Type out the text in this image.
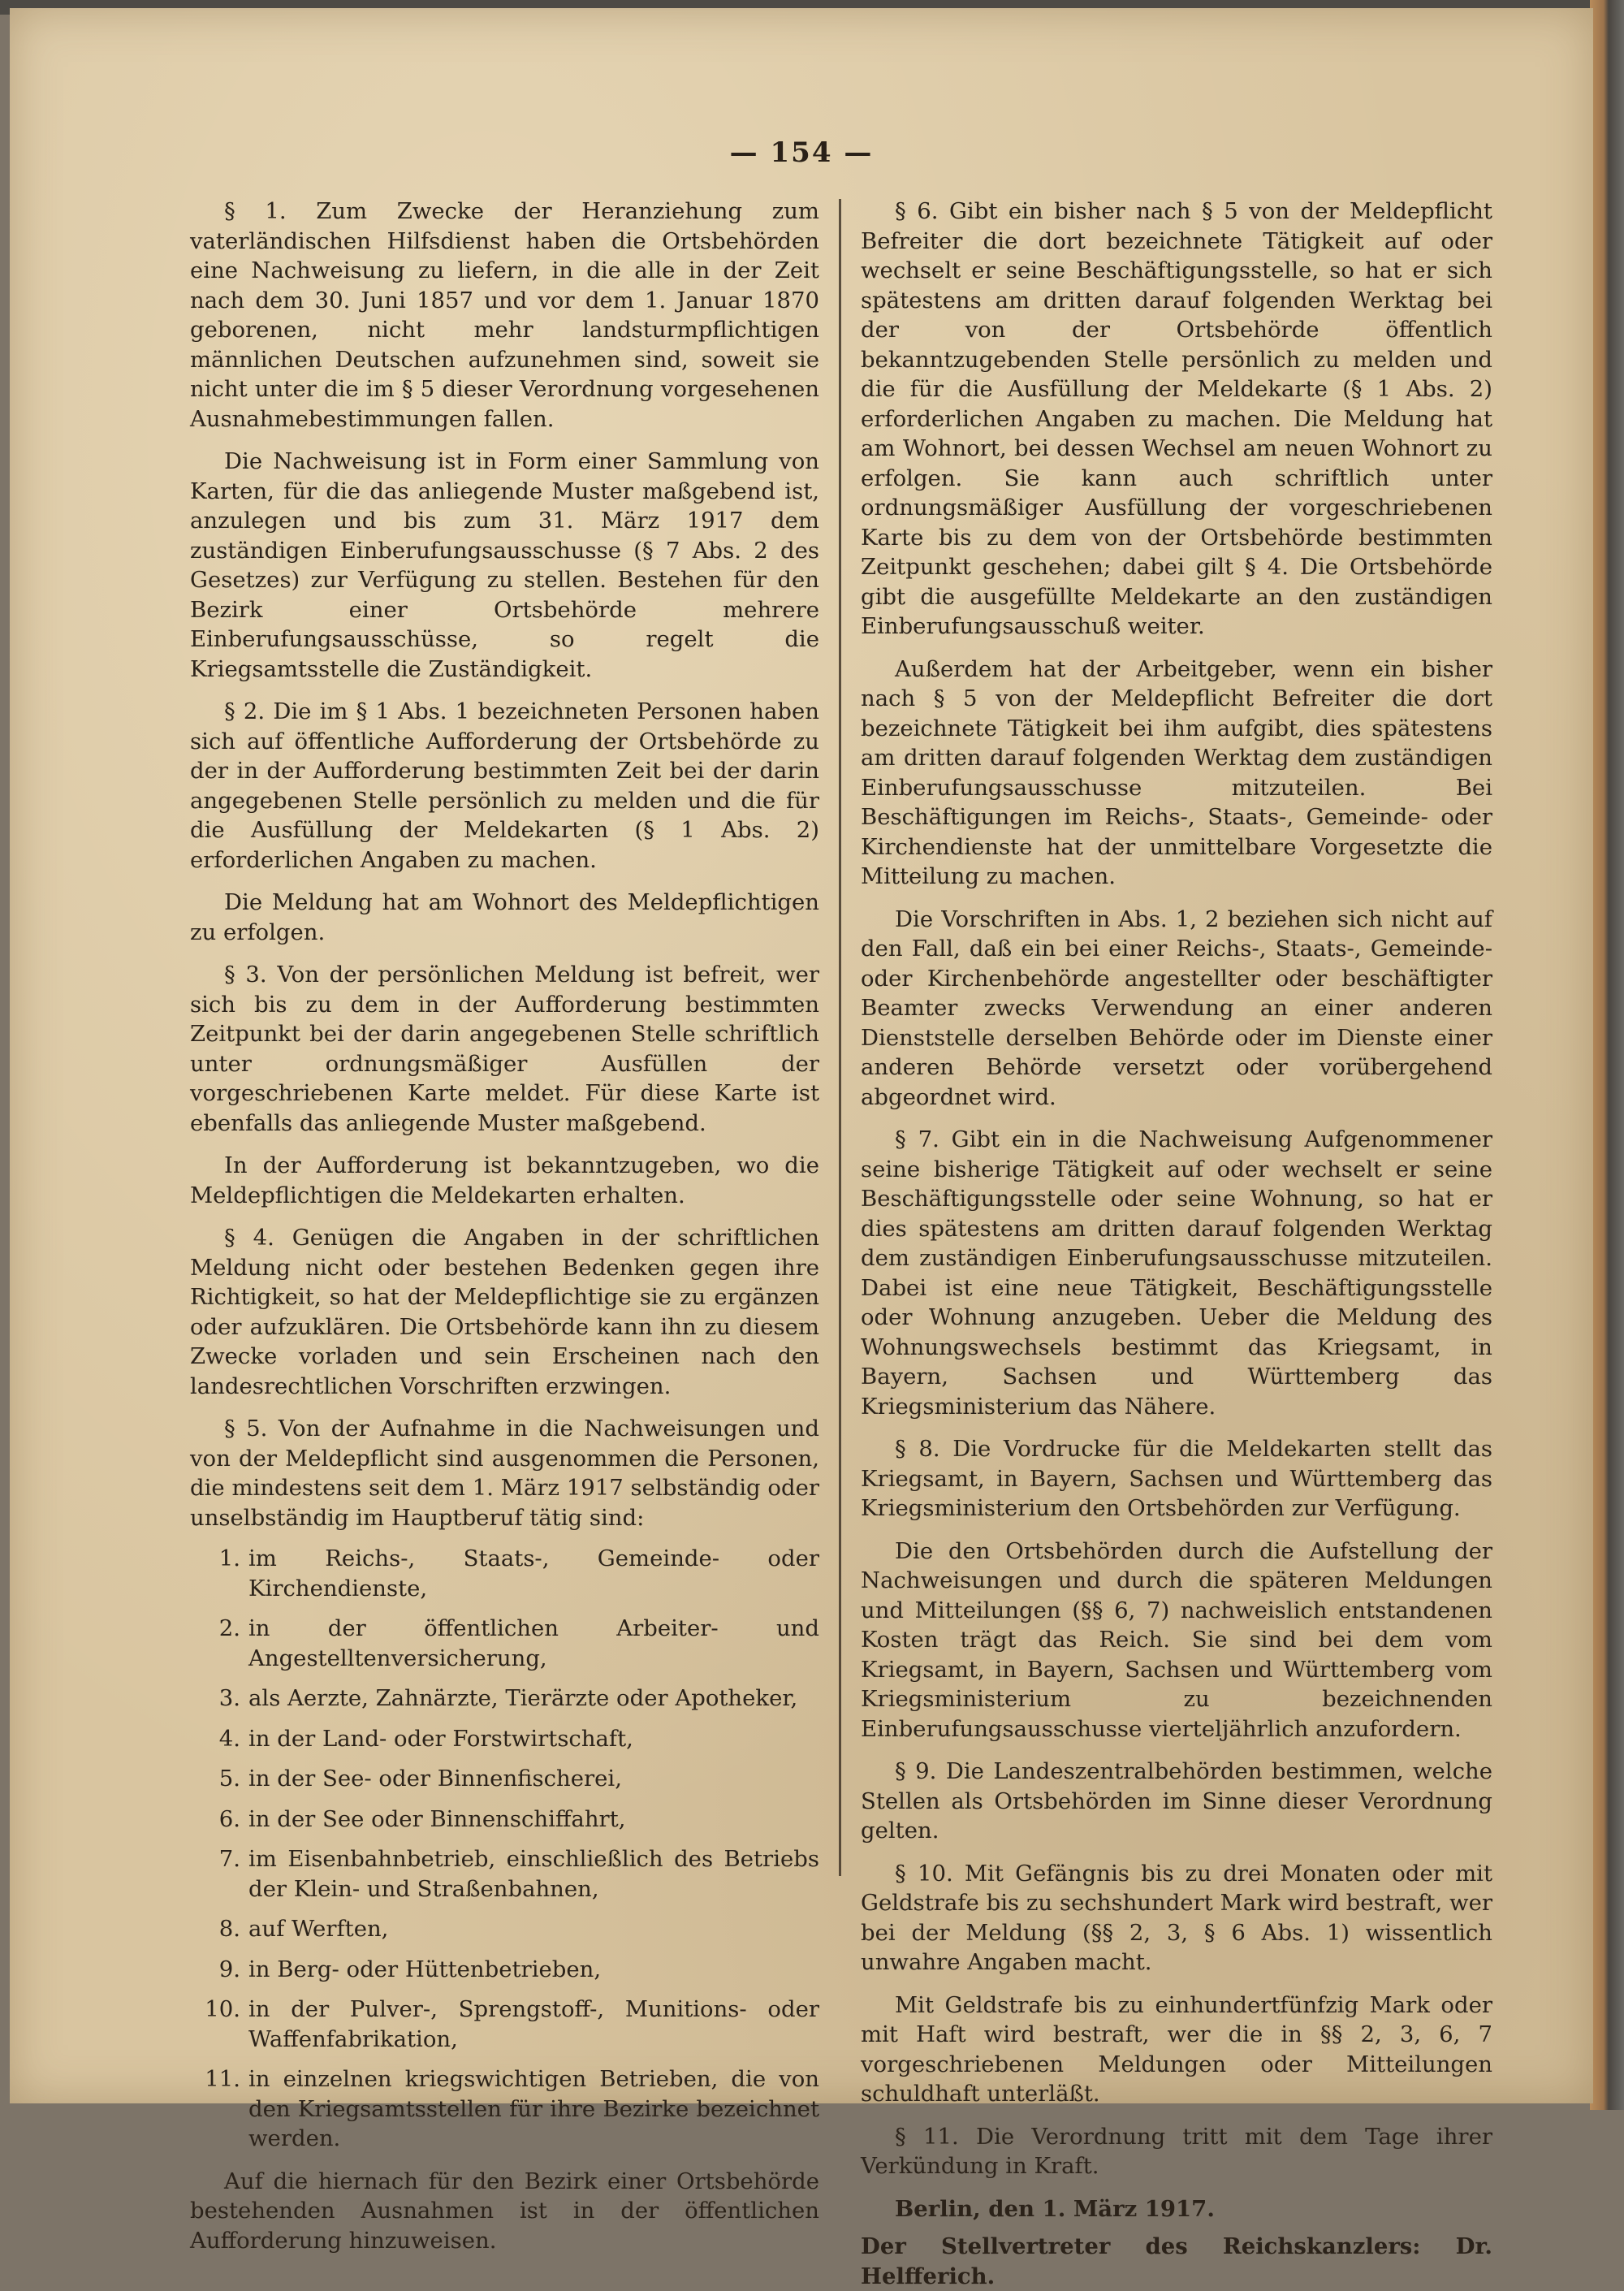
— 154 —

§ 1. Zum Zwecke der Heranziehung zum vaterländischen Hilfsdienst haben die Ortsbehörden eine Nachweisung zu liefern, in die alle in der Zeit nach dem 30. Juni 1857 und vor dem 1. Januar 1870 geborenen, nicht mehr landsturmpflichtigen männlichen Deutschen aufzunehmen sind, soweit sie nicht unter die im § 5 dieser Verordnung vorgesehenen Ausnahmebestimmungen fallen.

Die Nachweisung ist in Form einer Sammlung von Karten, für die das anliegende Muster maßgebend ist, anzulegen und bis zum 31. März 1917 dem zuständigen Einberufungsausschusse (§ 7 Abs. 2 des Gesetzes) zur Verfügung zu stellen. Bestehen für den Bezirk einer Ortsbehörde mehrere Einberufungsausschüsse, so regelt die Kriegsamtsstelle die Zuständigkeit.

§ 2. Die im § 1 Abs. 1 bezeichneten Personen haben sich auf öffentliche Aufforderung der Ortsbehörde zu der in der Aufforderung bestimmten Zeit bei der darin angegebenen Stelle persönlich zu melden und die für die Ausfüllung der Meldekarten (§ 1 Abs. 2) erforderlichen Angaben zu machen.

Die Meldung hat am Wohnort des Meldepflichtigen zu erfolgen.

§ 3. Von der persönlichen Meldung ist befreit, wer sich bis zu dem in der Aufforderung bestimmten Zeitpunkt bei der darin angegebenen Stelle schriftlich unter ordnungsmäßiger Ausfüllen der vorgeschriebenen Karte meldet. Für diese Karte ist ebenfalls das anliegende Muster maßgebend.

In der Aufforderung ist bekanntzugeben, wo die Meldepflichtigen die Meldekarten erhalten.

§ 4. Genügen die Angaben in der schriftlichen Meldung nicht oder bestehen Bedenken gegen ihre Richtigkeit, so hat der Meldepflichtige sie zu ergänzen oder aufzuklären. Die Ortsbehörde kann ihn zu diesem Zwecke vorladen und sein Erscheinen nach den landesrechtlichen Vorschriften erzwingen.

§ 5. Von der Aufnahme in die Nachweisungen und von der Meldepflicht sind ausgenommen die Personen, die mindestens seit dem 1. März 1917 selbständig oder unselbständig im Hauptberuf tätig sind:

1. im Reichs-, Staats-, Gemeinde- oder Kirchendienste,
2. in der öffentlichen Arbeiter- und Angestelltenversicherung,
3. als Aerzte, Zahnärzte, Tierärzte oder Apotheker,
4. in der Land- oder Forstwirtschaft,
5. in der See- oder Binnenfischerei,
6. in der See oder Binnenschiffahrt,
7. im Eisenbahnbetrieb, einschließlich des Betriebs der Klein- und Straßenbahnen,
8. auf Werften,
9. in Berg- oder Hüttenbetrieben,
10. in der Pulver-, Sprengstoff-, Munitions- oder Waffenfabrikation,
11. in einzelnen kriegswichtigen Betrieben, die von den Kriegsamtsstellen für ihre Bezirke bezeichnet werden.

Auf die hiernach für den Bezirk einer Ortsbehörde bestehenden Ausnahmen ist in der öffentlichen Aufforderung hinzuweisen.

§ 6. Gibt ein bisher nach § 5 von der Meldepflicht Befreiter die dort bezeichnete Tätigkeit auf oder wechselt er seine Beschäftigungsstelle, so hat er sich spätestens am dritten darauf folgenden Werktag bei der von der Ortsbehörde öffentlich bekanntzugebenden Stelle persönlich zu melden und die für die Ausfüllung der Meldekarte (§ 1 Abs. 2) erforderlichen Angaben zu machen. Die Meldung hat am Wohnort, bei dessen Wechsel am neuen Wohnort zu erfolgen. Sie kann auch schriftlich unter ordnungsmäßiger Ausfüllung der vorgeschriebenen Karte bis zu dem von der Ortsbehörde bestimmten Zeitpunkt geschehen; dabei gilt § 4. Die Ortsbehörde gibt die ausgefüllte Meldekarte an den zuständigen Einberufungsausschuß weiter.

Außerdem hat der Arbeitgeber, wenn ein bisher nach § 5 von der Meldepflicht Befreiter die dort bezeichnete Tätigkeit bei ihm aufgibt, dies spätestens am dritten darauf folgenden Werktag dem zuständigen Einberufungsausschusse mitzuteilen. Bei Beschäftigungen im Reichs-, Staats-, Gemeinde- oder Kirchendienste hat der unmittelbare Vorgesetzte die Mitteilung zu machen.

Die Vorschriften in Abs. 1, 2 beziehen sich nicht auf den Fall, daß ein bei einer Reichs-, Staats-, Gemeinde- oder Kirchenbehörde angestellter oder beschäftigter Beamter zwecks Verwendung an einer anderen Dienststelle derselben Behörde oder im Dienste einer anderen Behörde versetzt oder vorübergehend abgeordnet wird.

§ 7. Gibt ein in die Nachweisung Aufgenommener seine bisherige Tätigkeit auf oder wechselt er seine Beschäftigungsstelle oder seine Wohnung, so hat er dies spätestens am dritten darauf folgenden Werktag dem zuständigen Einberufungsausschusse mitzuteilen. Dabei ist eine neue Tätigkeit, Beschäftigungsstelle oder Wohnung anzugeben. Ueber die Meldung des Wohnungswechsels bestimmt das Kriegsamt, in Bayern, Sachsen und Württemberg das Kriegsministerium das Nähere.

§ 8. Die Vordrucke für die Meldekarten stellt das Kriegsamt, in Bayern, Sachsen und Württemberg das Kriegsministerium den Ortsbehörden zur Verfügung.

Die den Ortsbehörden durch die Aufstellung der Nachweisungen und durch die späteren Meldungen und Mitteilungen (§§ 6, 7) nachweislich entstandenen Kosten trägt das Reich. Sie sind bei dem vom Kriegsamt, in Bayern, Sachsen und Württemberg vom Kriegsministerium zu bezeichnenden Einberufungsausschusse vierteljährlich anzufordern.

§ 9. Die Landeszentralbehörden bestimmen, welche Stellen als Ortsbehörden im Sinne dieser Verordnung gelten.

§ 10. Mit Gefängnis bis zu drei Monaten oder mit Geldstrafe bis zu sechshundert Mark wird bestraft, wer bei der Meldung (§§ 2, 3, § 6 Abs. 1) wissentlich unwahre Angaben macht.

Mit Geldstrafe bis zu einhundertfünfzig Mark oder mit Haft wird bestraft, wer die in §§ 2, 3, 6, 7 vorgeschriebenen Meldungen oder Mitteilungen schuldhaft unterläßt.

§ 11. Die Verordnung tritt mit dem Tage ihrer Verkündung in Kraft.

Berlin, den 1. März 1917.

Der Stellvertreter des Reichskanzlers: Dr. Helfferich.
